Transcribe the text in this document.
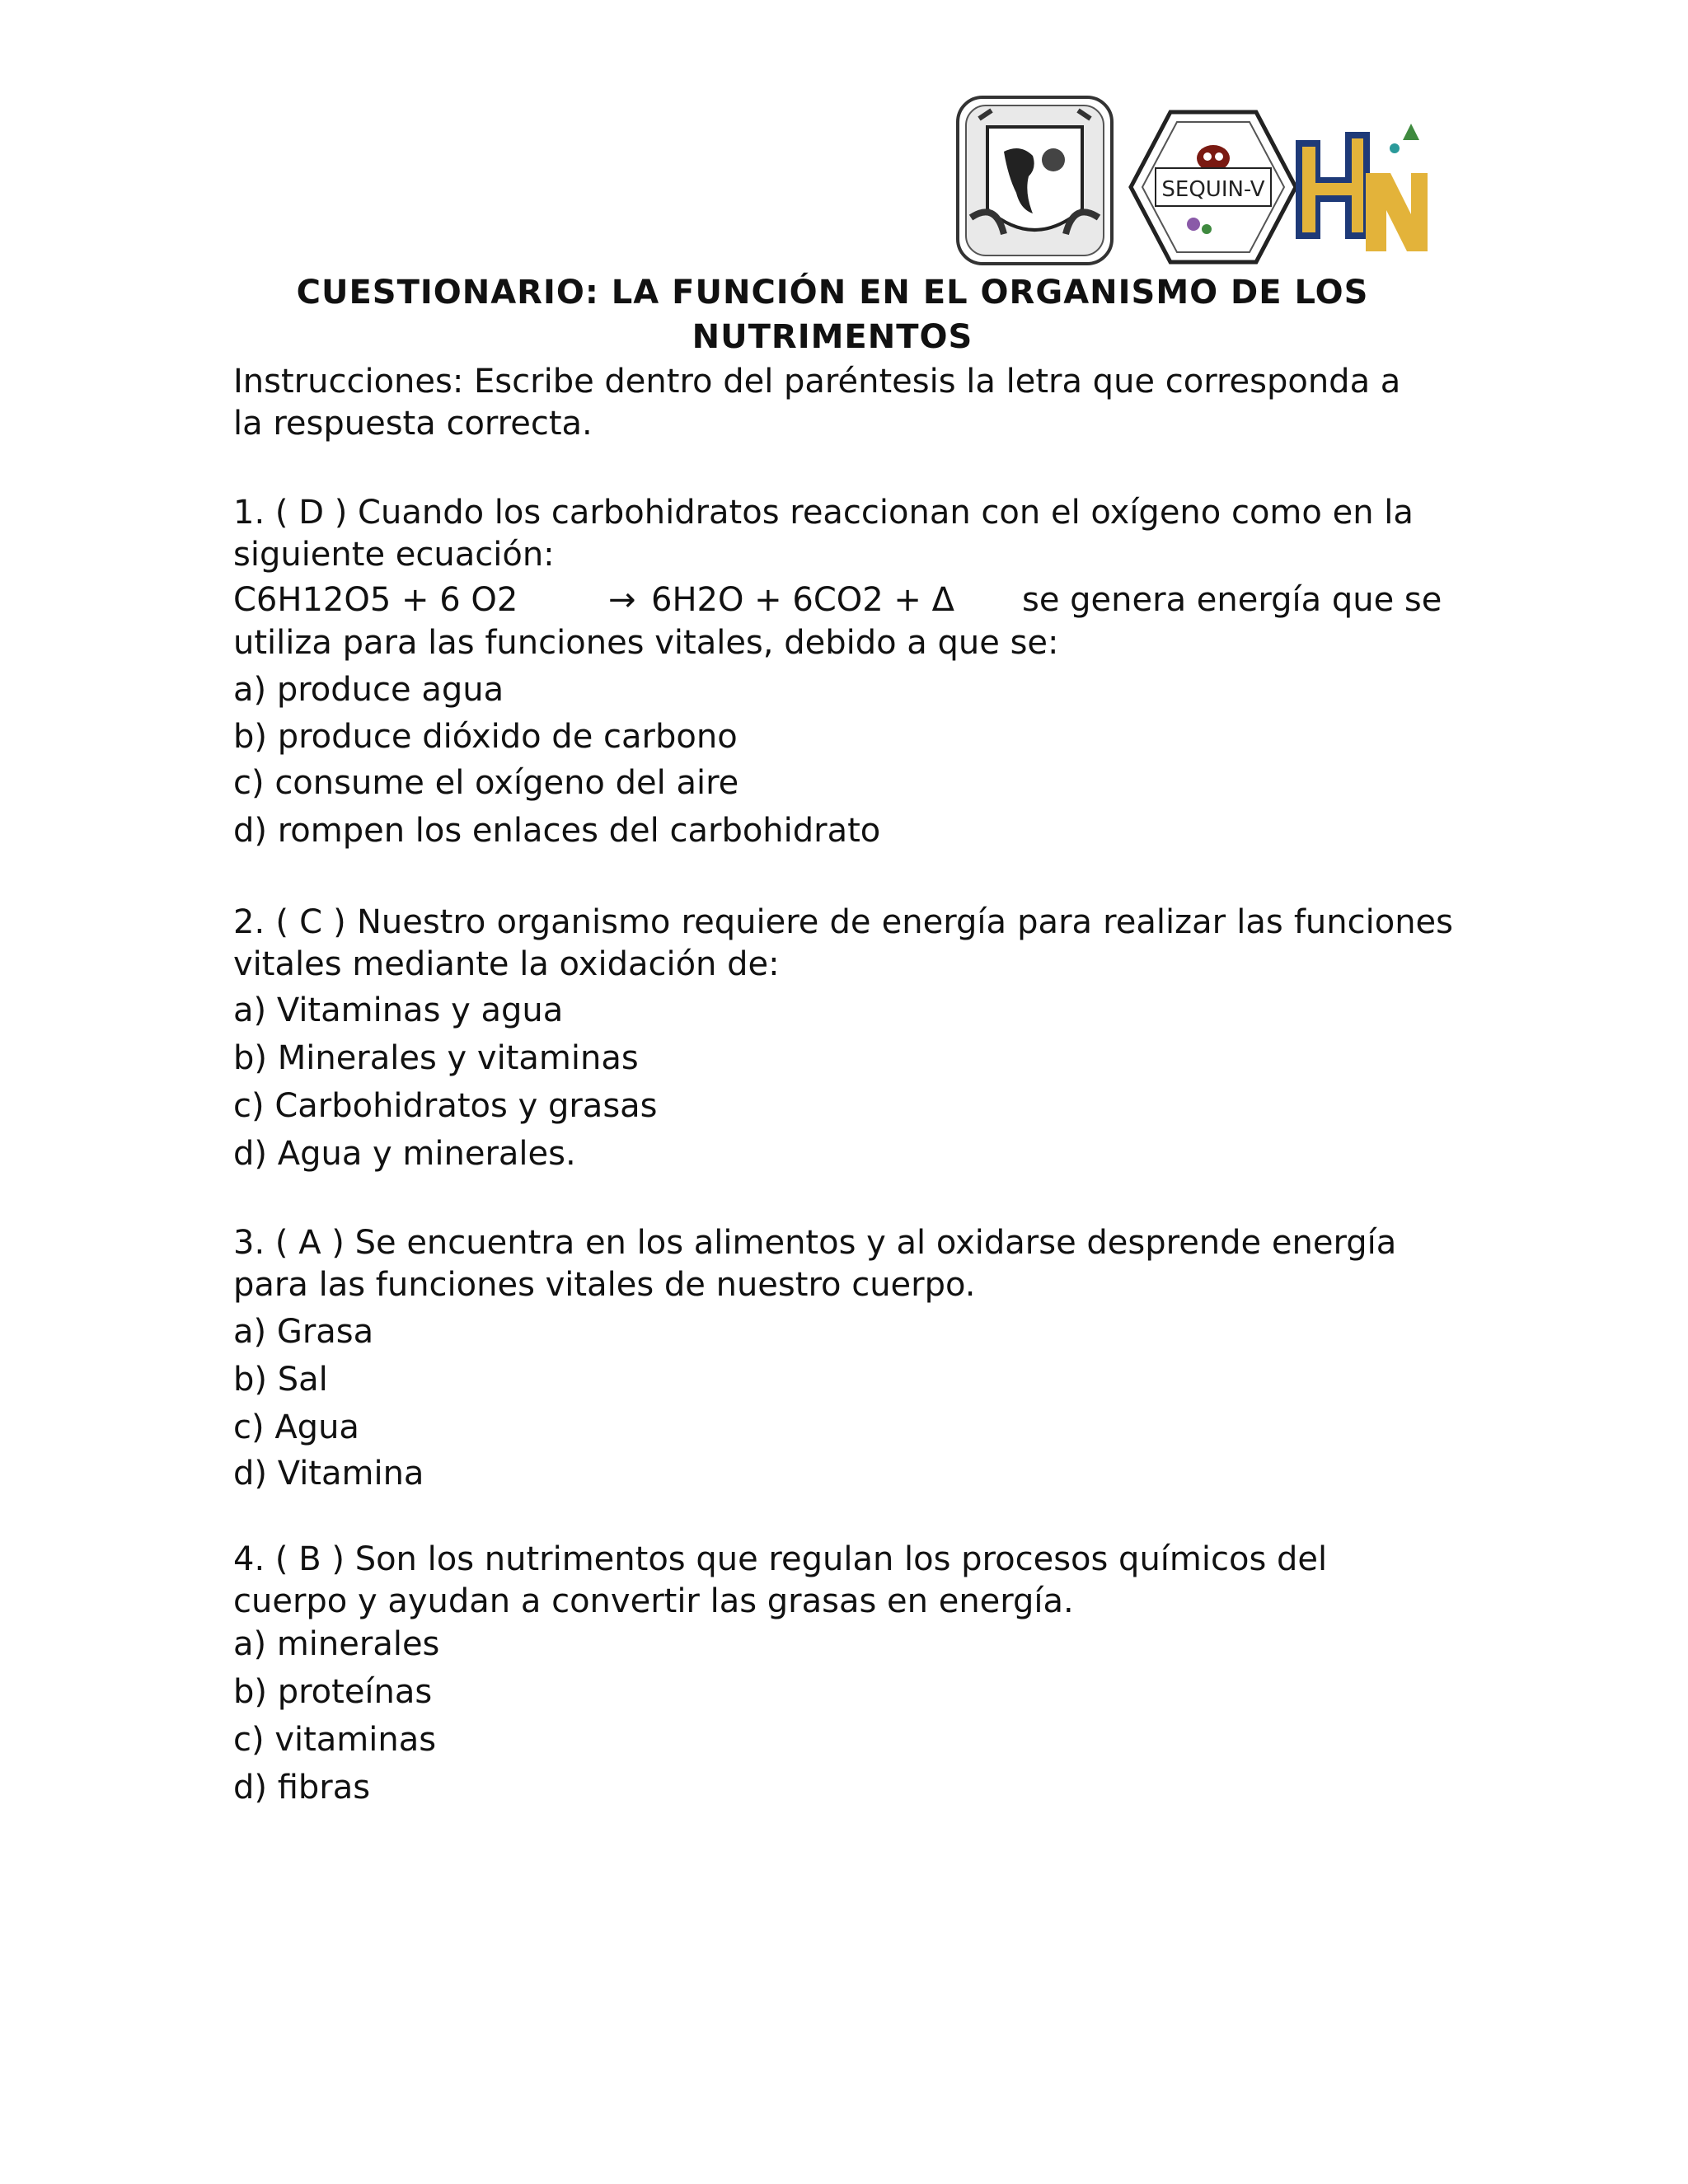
SEQUIN-V
CUESTIONARIO: LA FUNCIÓN EN EL ORGANISMO DE LOS
NUTRIMENTOS
Instrucciones: Escribe dentro del paréntesis la letra que corresponda a la respuesta correcta.
1. ( D ) Cuando los carbohidratos reaccionan con el oxígeno como en la siguiente ecuación:
C6H12O5 + 6 O2	→ 6H2O + 6CO2 + Δ se genera energía que se
utiliza para las funciones vitales, debido a que se:
a) produce agua
b) produce dióxido de carbono
c) consume el oxígeno del aire
d) rompen los enlaces del carbohidrato
2. ( C ) Nuestro organismo requiere de energía para realizar las funciones vitales mediante la oxidación de:
a) Vitaminas y agua
b) Minerales y vitaminas
c) Carbohidratos y grasas
d) Agua y minerales.
3. ( A ) Se encuentra en los alimentos y al oxidarse desprende energía para las funciones vitales de nuestro cuerpo.
a) Grasa
b) Sal
c) Agua
d) Vitamina
4. ( B ) Son los nutrimentos que regulan los procesos químicos del cuerpo y ayudan a convertir las grasas en energía.
a) minerales
b) proteínas
c) vitaminas
d) fibras
